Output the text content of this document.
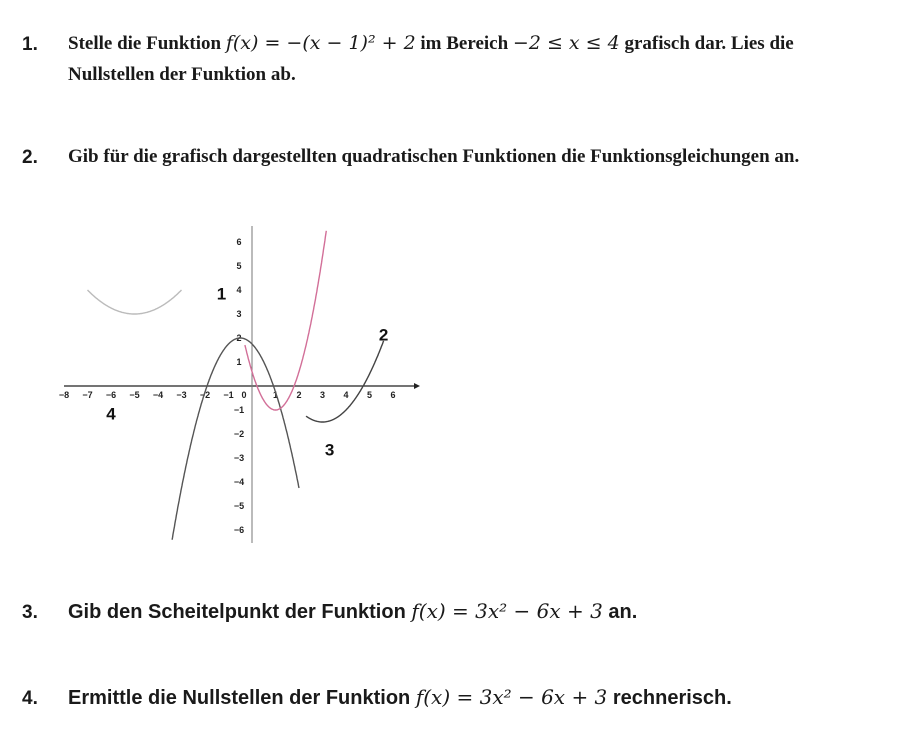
1. Stelle die Funktion f(x) = −(x − 1)² + 2 im Bereich −2 ≤ x ≤ 4 grafisch dar. Lies die Nullstellen der Funktion ab.
2. Gib für die grafisch dargestellten quadratischen Funktionen die Funktionsgleichungen an.
−8 −7 −6 −5 −4 −3 −2 −1 0	1 2 3 4 5 6
6
5
4
3
2
1
−1
−2
−3
−4
−5
−6
1
2
3
4
3. Gib den Scheitelpunkt der Funktion f(x) = 3x² − 6x + 3 an.
4. Ermittle die Nullstellen der Funktion f(x) = 3x² − 6x + 3 rechnerisch.
